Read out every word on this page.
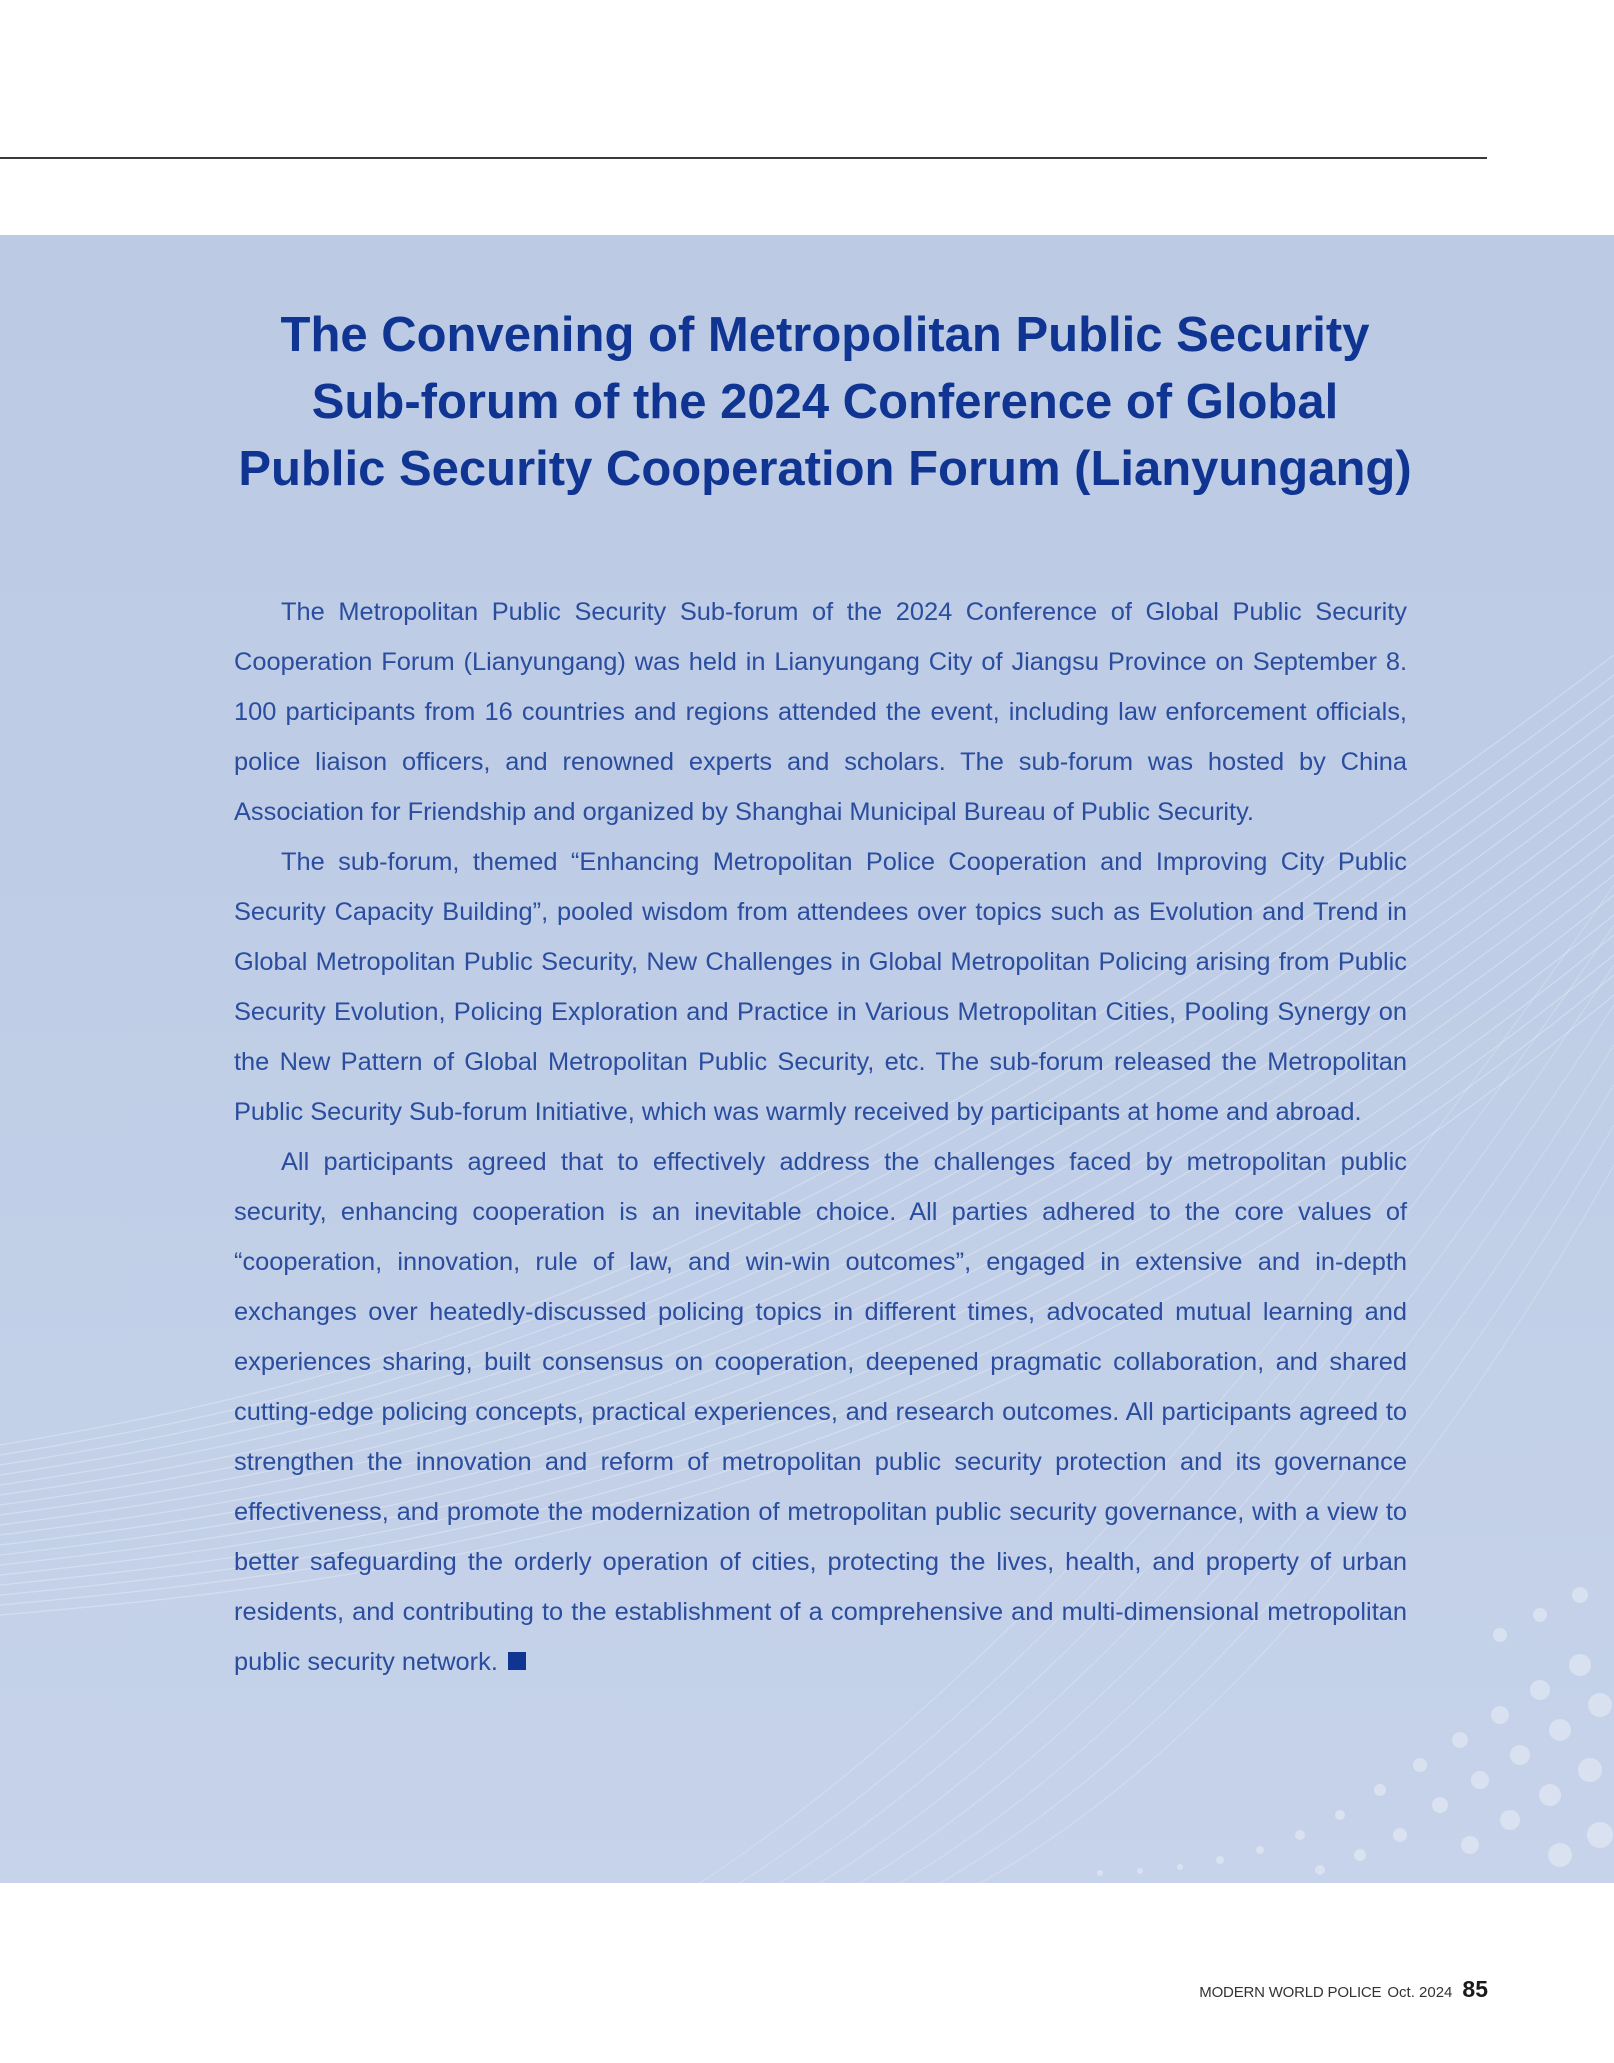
The Convening of Metropolitan Public Security
Sub-forum of the 2024 Conference of Global
Public Security Cooperation Forum (Lianyungang)

The Metropolitan Public Security Sub-forum of the 2024 Conference of Global Public Security Cooperation Forum (Lianyungang) was held in Lianyungang City of Jiangsu Province on September 8. 100 participants from 16 countries and regions attended the event, including law enforcement officials, police liaison officers, and renowned experts and scholars. The sub-forum was hosted by China Association for Friendship and organized by Shanghai Municipal Bureau of Public Security.

The sub-forum, themed “Enhancing Metropolitan Police Cooperation and Improving City Public Security Capacity Building”, pooled wisdom from attendees over topics such as Evolution and Trend in Global Metropolitan Public Security, New Challenges in Global Metropolitan Policing arising from Public Security Evolution, Policing Exploration and Practice in Various Metropolitan Cities, Pooling Synergy on the New Pattern of Global Metropolitan Public Security, etc. The sub-forum released the Metropolitan Public Security Sub-forum Initiative, which was warmly received by participants at home and abroad.

All participants agreed that to effectively address the challenges faced by metropolitan public security, enhancing cooperation is an inevitable choice. All parties adhered to the core values of “cooperation, innovation, rule of law, and win-win outcomes”, engaged in extensive and in-depth exchanges over heatedly-discussed policing topics in different times, advocated mutual learning and experiences sharing, built consensus on cooperation, deepened pragmatic collaboration, and shared cutting-edge policing concepts, practical experiences, and research outcomes. All participants agreed to strengthen the innovation and reform of metropolitan public security protection and its governance effectiveness, and promote the modernization of metropolitan public security governance, with a view to better safeguarding the orderly operation of cities, protecting the lives, health, and property of urban residents, and contributing to the establishment of a comprehensive and multi-dimensional metropolitan public security network.

MODERN WORLD POLICE Oct. 2024 85
